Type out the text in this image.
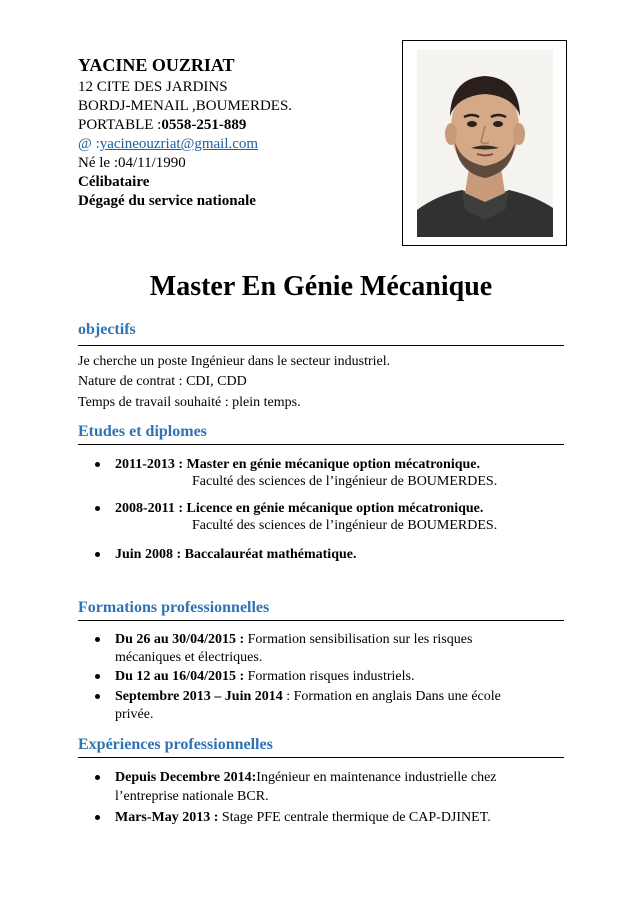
YACINE OUZRIAT
12 CITE DES JARDINS
BORDJ-MENAIL ,BOUMERDES.
PORTABLE :0558-251-889
@ :yacineouzriat@gmail.com
Né le :04/11/1990
Célibataire
Dégagé du service nationale
Master En Génie Mécanique
objectifs
Je cherche un poste Ingénieur dans le secteur industriel.
Nature de contrat : CDI, CDD
Temps de travail souhaité : plein temps.
Etudes et diplomes
2011-2013 : Master en génie mécanique option mécatronique.
Faculté des sciences de l’ingénieur de BOUMERDES.
2008-2011 : Licence en génie mécanique option mécatronique.
Faculté des sciences de l’ingénieur de BOUMERDES.
Juin 2008 : Baccalauréat mathématique.
Formations professionnelles
Du 26 au 30/04/2015 : Formation sensibilisation sur les risques
mécaniques et électriques.
Du 12 au 16/04/2015 : Formation risques industriels.
Septembre 2013 – Juin 2014 : Formation en anglais Dans une école
privée.
Expériences professionnelles
Depuis Decembre 2014:Ingénieur en maintenance industrielle chez
l’entreprise nationale BCR.
Mars-May 2013 : Stage PFE centrale thermique de CAP-DJINET.
